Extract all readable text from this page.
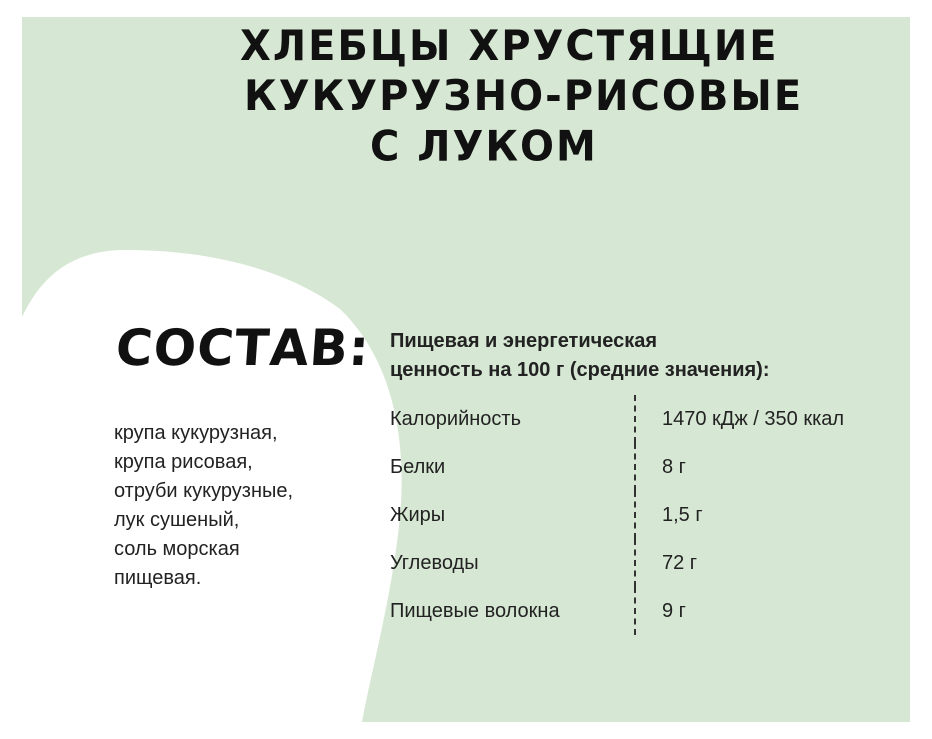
ХЛЕБЦЫ ХРУСТЯЩИЕ
КУКУРУЗНО-РИСОВЫЕ
С ЛУКОМ
СОСТАВ:
крупа кукурузная,
крупа рисовая,
отруби кукурузные,
лук сушеный,
соль морская
пищевая.
Пищевая и энергетическая
ценность на 100 г (средние значения):
Калорийность	1470 кДж / 350 ккал
Белки	8 г
Жиры	1,5 г
Углеводы	72 г
Пищевые волокна	9 г
